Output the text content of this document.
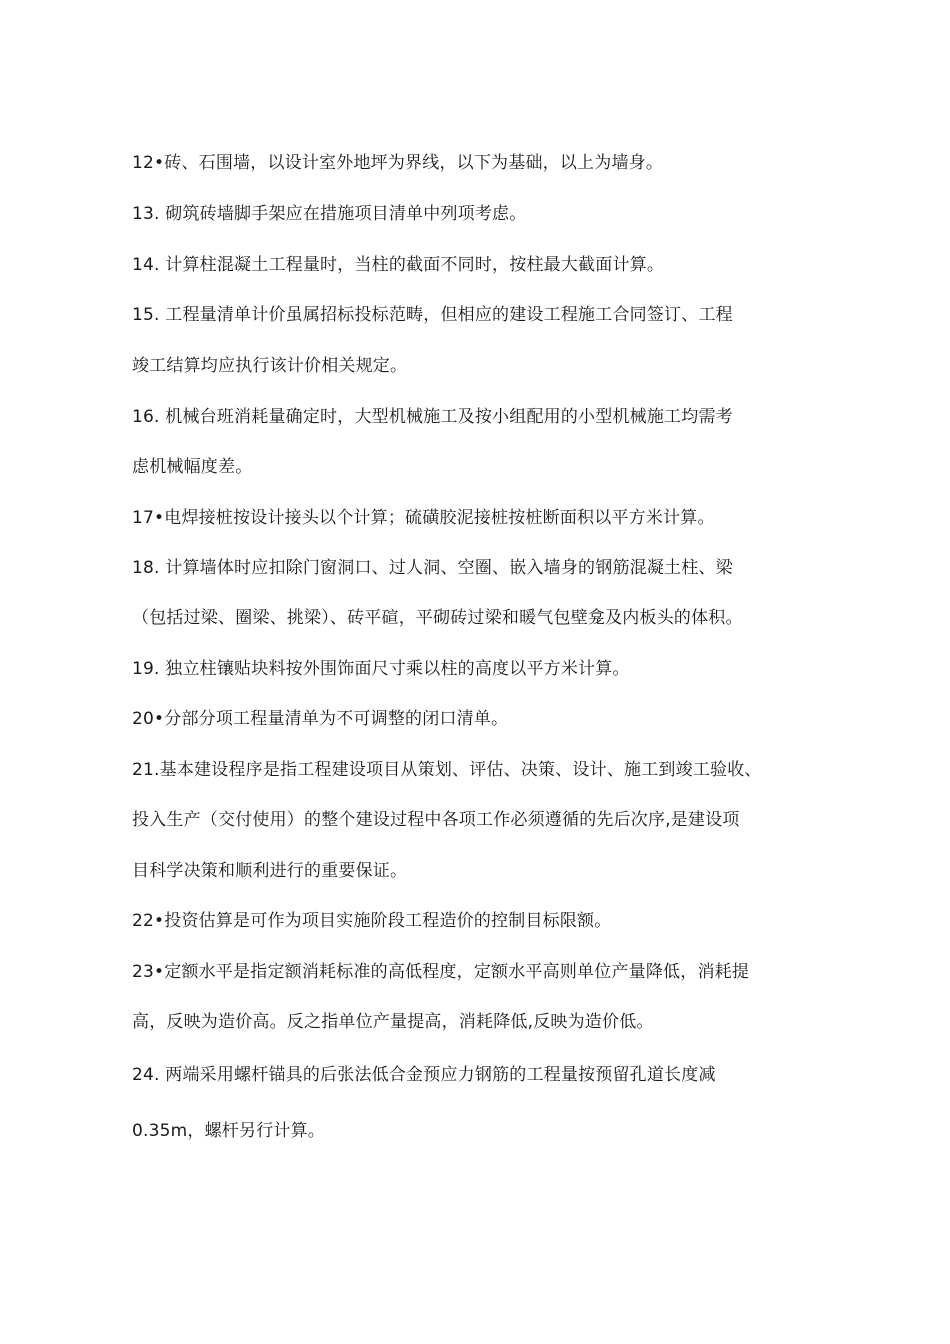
12•砖、石围墙，以设计室外地坪为界线，以下为基础，以上为墙身。
13. 砌筑砖墙脚手架应在措施项目清单中列项考虑。
14. 计算柱混凝土工程量时，当柱的截面不同时，按柱最大截面计算。
15. 工程量清单计价虽属招标投标范畴，但相应的建设工程施工合同签订、工程
竣工结算均应执行该计价相关规定。
16. 机械台班消耗量确定时，大型机械施工及按小组配用的小型机械施工均需考
虑机械幅度差。
17•电焊接桩按设计接头以个计算；硫磺胶泥接桩按桩断面积以平方米计算。
18. 计算墙体时应扣除门窗洞口、过人洞、空圈、嵌入墙身的钢筋混凝土柱、梁
（包括过梁、圈梁、挑梁）、砖平碹，平砌砖过梁和暖气包壁龛及内板头的体积。
19. 独立柱镶贴块料按外围饰面尺寸乘以柱的高度以平方米计算。
20•分部分项工程量清单为不可调整的闭口清单。
21.基本建设程序是指工程建设项目从策划、评估、决策、设计、施工到竣工验收、
投入生产（交付使用）的整个建设过程中各项工作必须遵循的先后次序,是建设项
目科学决策和顺利进行的重要保证。
22•投资估算是可作为项目实施阶段工程造价的控制目标限额。
23•定额水平是指定额消耗标准的高低程度，定额水平高则单位产量降低，消耗提
高，反映为造价高。反之指单位产量提高，消耗降低,反映为造价低。
24. 两端采用螺杆锚具的后张法低合金预应力钢筋的工程量按预留孔道长度减
0.35m，螺杆另行计算。
